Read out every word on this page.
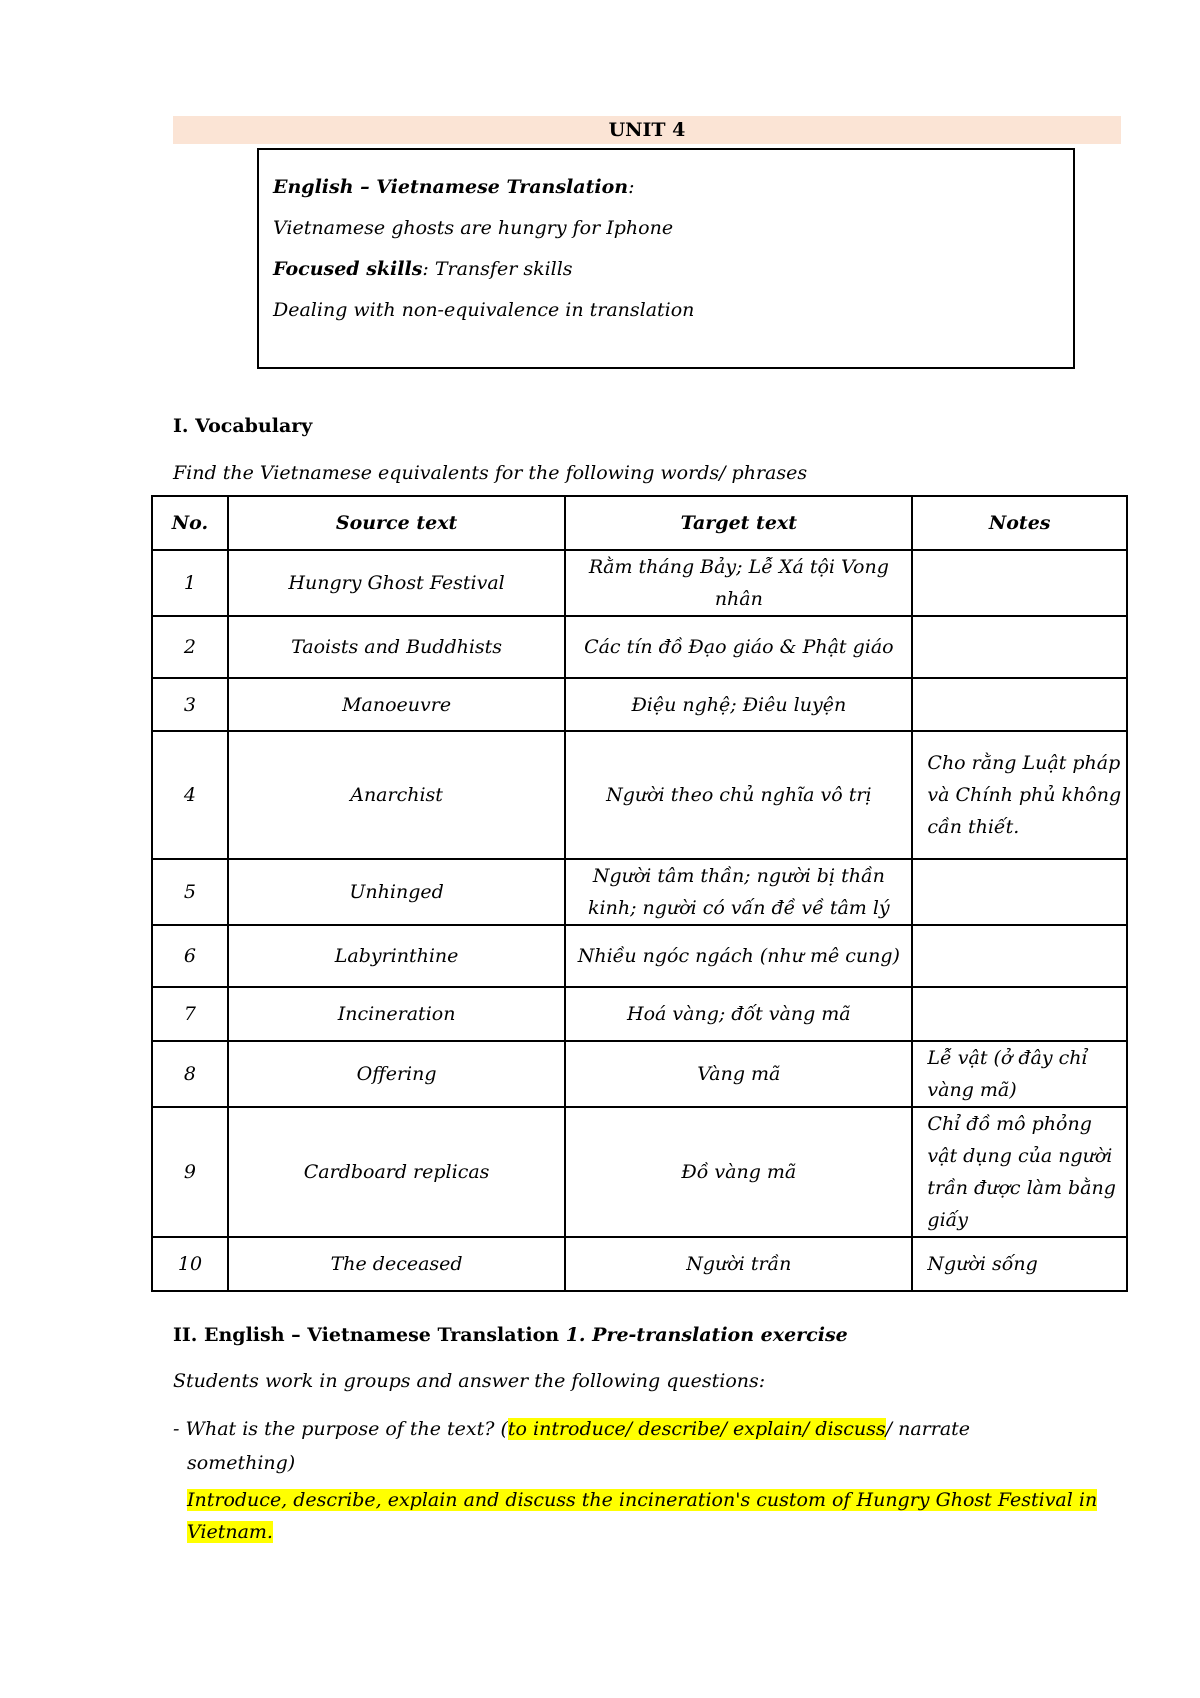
UNIT 4

English – Vietnamese Translation:

Vietnamese ghosts are hungry for Iphone

Focused skills: Transfer skills

Dealing with non-equivalence in translation

I. Vocabulary
Find the Vietnamese equivalents for the following words/ phrases
No.	Source text	Target text	Notes
1	Hungry Ghost Festival	Rằm tháng Bảy; Lễ Xá tội Vong nhân	
2	Taoists and Buddhists	Các tín đồ Đạo giáo & Phật giáo	
3	Manoeuvre	Điệu nghệ; Điêu luyện	
4	Anarchist	Người theo chủ nghĩa vô trị	Cho rằng Luật pháp và Chính phủ không cần thiết.
5	Unhinged	Người tâm thần; người bị thần kinh; người có vấn đề về tâm lý	
6	Labyrinthine	Nhiều ngóc ngách (như mê cung)	
7	Incineration	Hoá vàng; đốt vàng mã	
8	Offering	Vàng mã	Lễ vật (ở đây chỉ vàng mã)
9	Cardboard replicas	Đồ vàng mã	Chỉ đồ mô phỏng vật dụng của người trần được làm bằng giấy
10	The deceased	Người trần	Người sống
II. English – Vietnamese Translation 1. Pre-translation exercise
Students work in groups and answer the following questions:
- What is the purpose of the text? (to introduce/ describe/ explain/ discuss/ narrate
something)
Introduce, describe, explain and discuss the incineration's custom of Hungry Ghost Festival in Vietnam.
